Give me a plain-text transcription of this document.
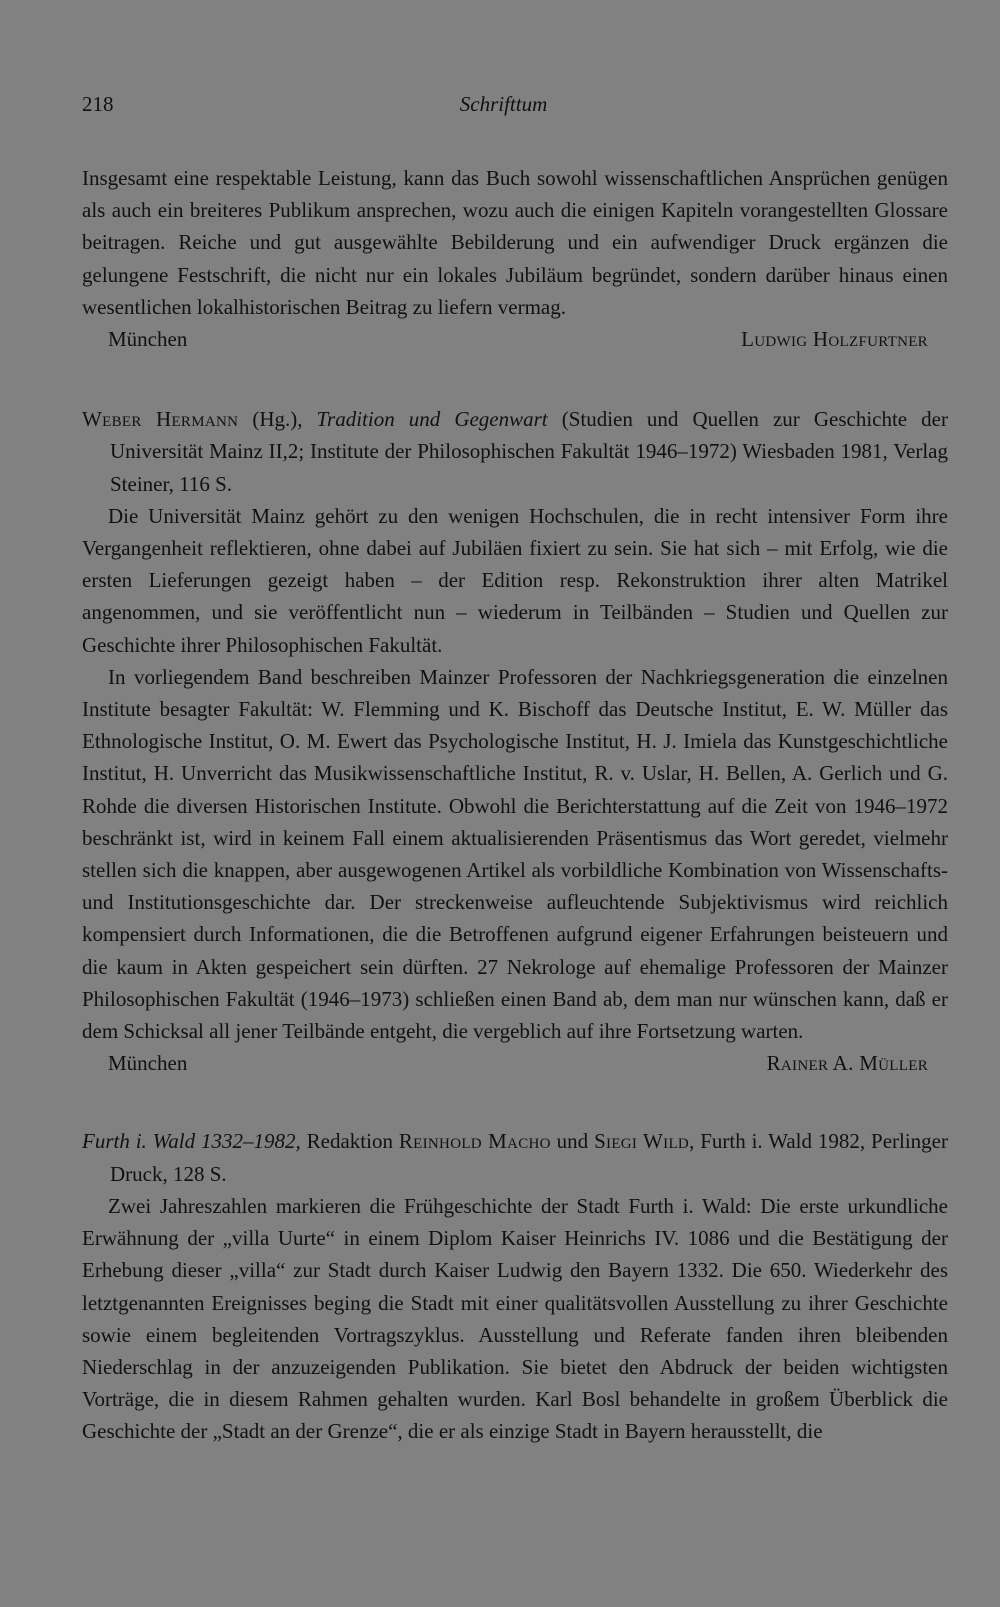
218	Schrifttum

Insgesamt eine respektable Leistung, kann das Buch sowohl wissenschaftlichen Ansprüchen genügen als auch ein breiteres Publikum ansprechen, wozu auch die einigen Kapiteln vorangestellten Glossare beitragen. Reiche und gut ausgewählte Bebilderung und ein aufwendiger Druck ergänzen die gelungene Festschrift, die nicht nur ein lokales Jubiläum begründet, sondern darüber hinaus einen wesentlichen lokalhistorischen Beitrag zu liefern vermag.

München	Ludwig Holzfurtner

Weber Hermann (Hg.), Tradition und Gegenwart (Studien und Quellen zur Geschichte der Universität Mainz II,2; Institute der Philosophischen Fakultät 1946–1972) Wiesbaden 1981, Verlag Steiner, 116 S.

Die Universität Mainz gehört zu den wenigen Hochschulen, die in recht intensiver Form ihre Vergangenheit reflektieren, ohne dabei auf Jubiläen fixiert zu sein. Sie hat sich – mit Erfolg, wie die ersten Lieferungen gezeigt haben – der Edition resp. Rekonstruktion ihrer alten Matrikel angenommen, und sie veröffentlicht nun – wiederum in Teilbänden – Studien und Quellen zur Geschichte ihrer Philosophischen Fakultät.

In vorliegendem Band beschreiben Mainzer Professoren der Nachkriegsgeneration die einzelnen Institute besagter Fakultät: W. Flemming und K. Bischoff das Deutsche Institut, E. W. Müller das Ethnologische Institut, O. M. Ewert das Psychologische Institut, H. J. Imiela das Kunstgeschichtliche Institut, H. Unverricht das Musikwissenschaftliche Institut, R. v. Uslar, H. Bellen, A. Gerlich und G. Rohde die diversen Historischen Institute. Obwohl die Berichterstattung auf die Zeit von 1946–1972 beschränkt ist, wird in keinem Fall einem aktualisierenden Präsentismus das Wort geredet, vielmehr stellen sich die knappen, aber ausgewogenen Artikel als vorbildliche Kombination von Wissenschafts- und Institutionsgeschichte dar. Der streckenweise aufleuchtende Subjektivismus wird reichlich kompensiert durch Informationen, die die Betroffenen aufgrund eigener Erfahrungen beisteuern und die kaum in Akten gespeichert sein dürften. 27 Nekrologe auf ehemalige Professoren der Mainzer Philosophischen Fakultät (1946–1973) schließen einen Band ab, dem man nur wünschen kann, daß er dem Schicksal all jener Teilbände entgeht, die vergeblich auf ihre Fortsetzung warten.

München	Rainer A. Müller

Furth i. Wald 1332–1982, Redaktion Reinhold Macho und Siegi Wild, Furth i. Wald 1982, Perlinger Druck, 128 S.

Zwei Jahreszahlen markieren die Frühgeschichte der Stadt Furth i. Wald: Die erste urkundliche Erwähnung der „villa Uurte“ in einem Diplom Kaiser Heinrichs IV. 1086 und die Bestätigung der Erhebung dieser „villa“ zur Stadt durch Kaiser Ludwig den Bayern 1332. Die 650. Wiederkehr des letztgenannten Ereignisses beging die Stadt mit einer qualitätsvollen Ausstellung zu ihrer Geschichte sowie einem begleitenden Vortragszyklus. Ausstellung und Referate fanden ihren bleibenden Niederschlag in der anzuzeigenden Publikation. Sie bietet den Abdruck der beiden wichtigsten Vorträge, die in diesem Rahmen gehalten wurden. Karl Bosl behandelte in großem Überblick die Geschichte der „Stadt an der Grenze“, die er als einzige Stadt in Bayern herausstellt, die
